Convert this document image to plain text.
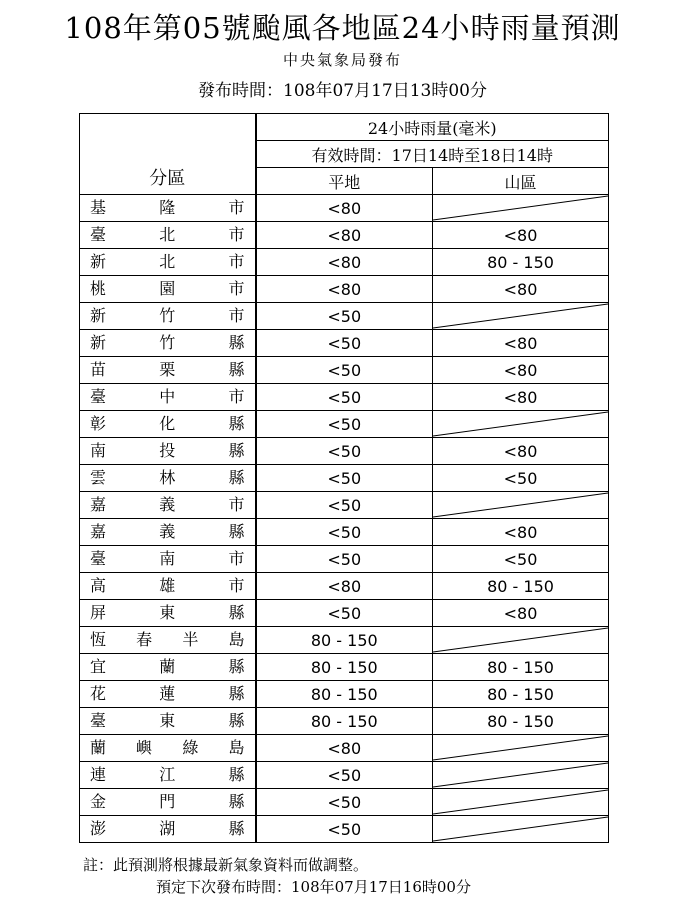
108年第05號颱風各地區24小時雨量預測
中央氣象局發布
發布時間：108年07月17日13時00分
分區	24小時雨量(毫米)	
	有效時間：17日14時至18日14時	
	平地	山區

基 隆 市	<80	

臺 北 市	<80	<80

新 北 市	<80	80 - 150

桃 園 市	<80	<80

新 竹 市	<50	

新 竹 縣	<50	<80

苗 栗 縣	<50	<80

臺 中 市	<50	<80

彰 化 縣	<50	

南 投 縣	<50	<80

雲 林 縣	<50	<50

嘉 義 市	<50	

嘉 義 縣	<50	<80

臺 南 市	<50	<50

高 雄 市	<80	80 - 150

屏 東 縣	<50	<80

恆 春 半 島	80 - 150	

宜 蘭 縣	80 - 150	80 - 150

花 蓮 縣	80 - 150	80 - 150

臺 東 縣	80 - 150	80 - 150

蘭 嶼 綠 島	<80	

連 江 縣	<50	

金 門 縣	<50	

澎 湖 縣	<50	
註：此預測將根據最新氣象資料而做調整。
預定下次發布時間：108年07月17日16時00分
